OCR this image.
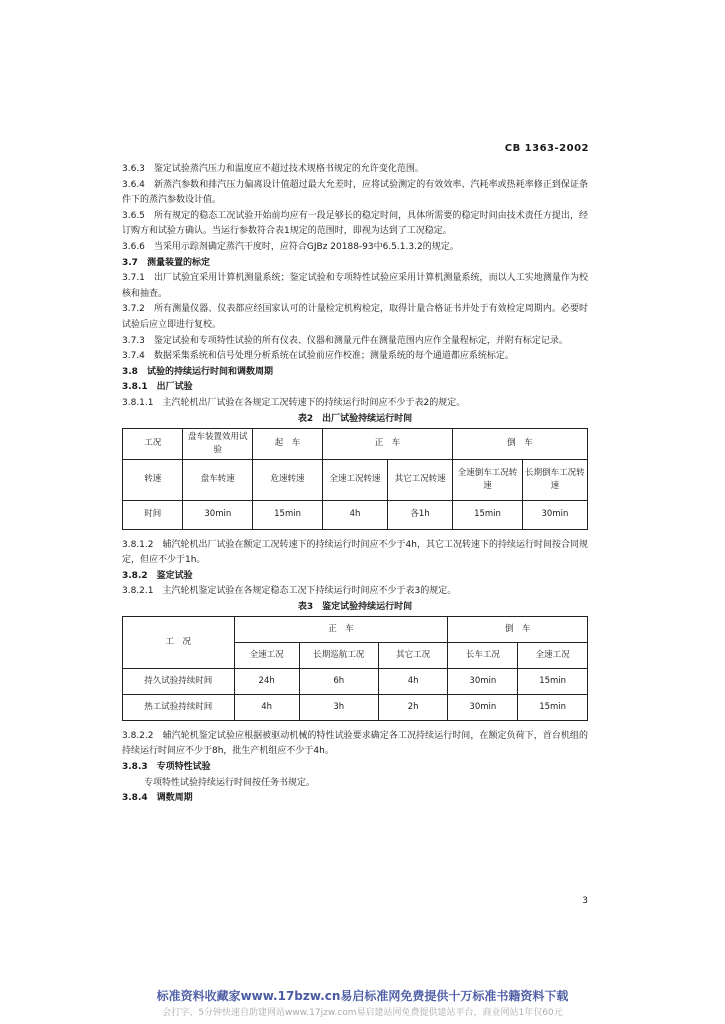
CB 1363-2002

3.6.3　鉴定试验蒸汽压力和温度应不超过技术规格书规定的允许变化范围。

3.6.4　新蒸汽参数和排汽压力偏离设计值超过最大允差时，应将试验测定的有效效率、汽耗率或热耗率修正到保证条件下的蒸汽参数设计值。

3.6.5　所有规定的稳态工况试验开始前均应有一段足够长的稳定时间，具体所需要的稳定时间由技术责任方提出，经订购方和试验方确认。当运行参数符合表1规定的范围时，即视为达到了工况稳定。

3.6.6　当采用示踪剂确定蒸汽干度时，应符合GJBz 20188-93中6.5.1.3.2的规定。

3.7　测量装置的标定

3.7.1　出厂试验宜采用计算机测量系统；鉴定试验和专项特性试验应采用计算机测量系统，而以人工实地测量作为校核和抽查。

3.7.2　所有测量仪器、仪表都应经国家认可的计量检定机构检定，取得计量合格证书并处于有效检定周期内。必要时试验后应立即进行复校。

3.7.3　鉴定试验和专项特性试验的所有仪表、仪器和测量元件在测量范围内应作全量程标定，并附有标定记录。

3.7.4　数据采集系统和信号处理分析系统在试验前应作校准；测量系统的每个通道都应系统标定。

3.8　试验的持续运行时间和调数周期

3.8.1　出厂试验

3.8.1.1　主汽轮机出厂试验在各规定工况转速下的持续运行时间应不少于表2的规定。

表2　出厂试验持续运行时间

工况	盘车装置效用试验	起　车	正　车		倒　车	
转速	盘车转速	危速转速	全速工况转速	其它工况转速	全速倒车工况转速	长期倒车工况转速
时间	30min	15min	4h	各1h	15min	30min

3.8.1.2　辅汽轮机出厂试验在额定工况转速下的持续运行时间应不少于4h，其它工况转速下的持续运行时间按合同规定，但应不少于1h。

3.8.2　鉴定试验

3.8.2.1　主汽轮机鉴定试验在各规定稳态工况下持续运行时间应不少于表3的规定。

表3　鉴定试验持续运行时间

工　况	正　车			倒　车	
	全速工况	长期巡航工况	其它工况	长车工况	全速工况
持久试验持续时间	24h	6h	4h	30min	15min
热工试验持续时间	4h	3h	2h	30min	15min

3.8.2.2　辅汽轮机鉴定试验应根据被驱动机械的特性试验要求确定各工况持续运行时间，在额定负荷下，首台机组的持续运行时间应不少于8h，批生产机组应不少于4h。

3.8.3　专项特性试验

专项特性试验持续运行时间按任务书规定。

3.8.4　调数周期

3
标准资料收藏家www.17bzw.cn易启标准网免费提供十万标准书籍资料下载
会打字、5分钟快速自助建网站www.17jzw.com易启建站网免费提供建站平台，商业网站1年仅60元
